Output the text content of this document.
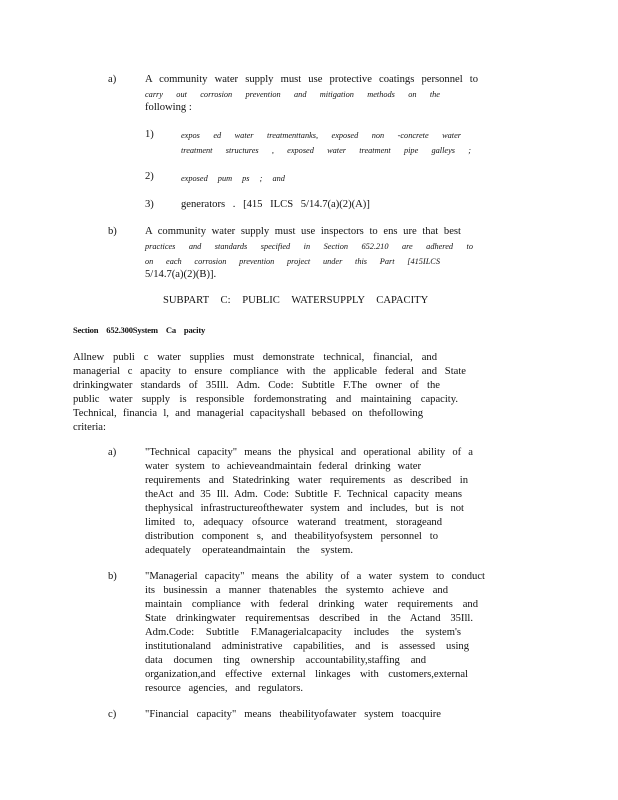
a)	A community water supply must use protective coatings personnel to
carry out corrosion prevention and mitigation methods on the
following :
1)	expos ed water treatmenttanks, exposed non -concrete water
treatment structures , exposed water treatment pipe galleys ;
2)	exposed pum ps ; and
3)	generators . [415 ILCS 5/14.7(a)(2)(A)]
b)	A community water supply must use inspectors to ens ure that best
practices and standards specified in Section 652.210 are adhered to
on each corrosion prevention project under this Part [415ILCS
5/14.7(a)(2)(B)].
SUBPART C: PUBLIC WATERSUPPLY CAPACITY
Section 652.300System Ca pacity
Allnew publi c water supplies must demonstrate technical, financial, and
managerial c apacity to ensure compliance with the applicable federal and State
drinkingwater standards of 35Ill. Adm. Code: Subtitle F.The owner of the
public water supply is responsible fordemonstrating and maintaining capacity.
Technical, financia l, and managerial capacityshall bebased on thefollowing
criteria:
a)	"Technical capacity" means the physical and operational ability of a
water system to achieveandmaintain federal drinking water
requirements and Statedrinking water requirements as described in
theAct and 35 Ill. Adm. Code: Subtitle F. Technical capacity means
thephysical infrastructureofthewater system and includes, but is not
limited to, adequacy ofsource waterand treatment, storageand
distribution component s, and theabilityofsystem personnel to
adequately operateandmaintain the system.
b)	"Managerial capacity" means the ability of a water system to conduct
its businessin a manner thatenables the systemto achieve and
maintain compliance with federal drinking water requirements and
State drinkingwater requirementsas described in the Actand 35Ill.
Adm.Code: Subtitle F.Managerialcapacity includes the system's
institutionaland administrative capabilities, and is assessed using
data documen ting ownership accountability,staffing and
organization,and effective external linkages with customers,external
resource agencies, and regulators.
c)	"Financial capacity" means theabilityofawater system toacquire
